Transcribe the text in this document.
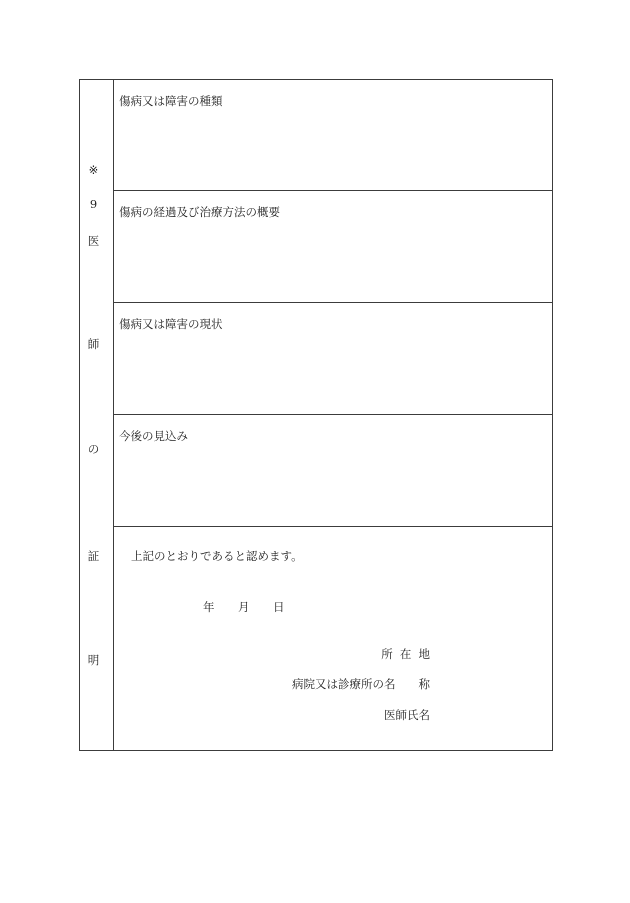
※
9
医
師
の
証
明
傷病又は障害の種類
傷病の経過及び治療方法の概要
傷病又は障害の現状
今後の見込み
上記のとおりであると認めます。
年 月 日
所 在 地
病院又は診療所の名　　称
医師氏名
